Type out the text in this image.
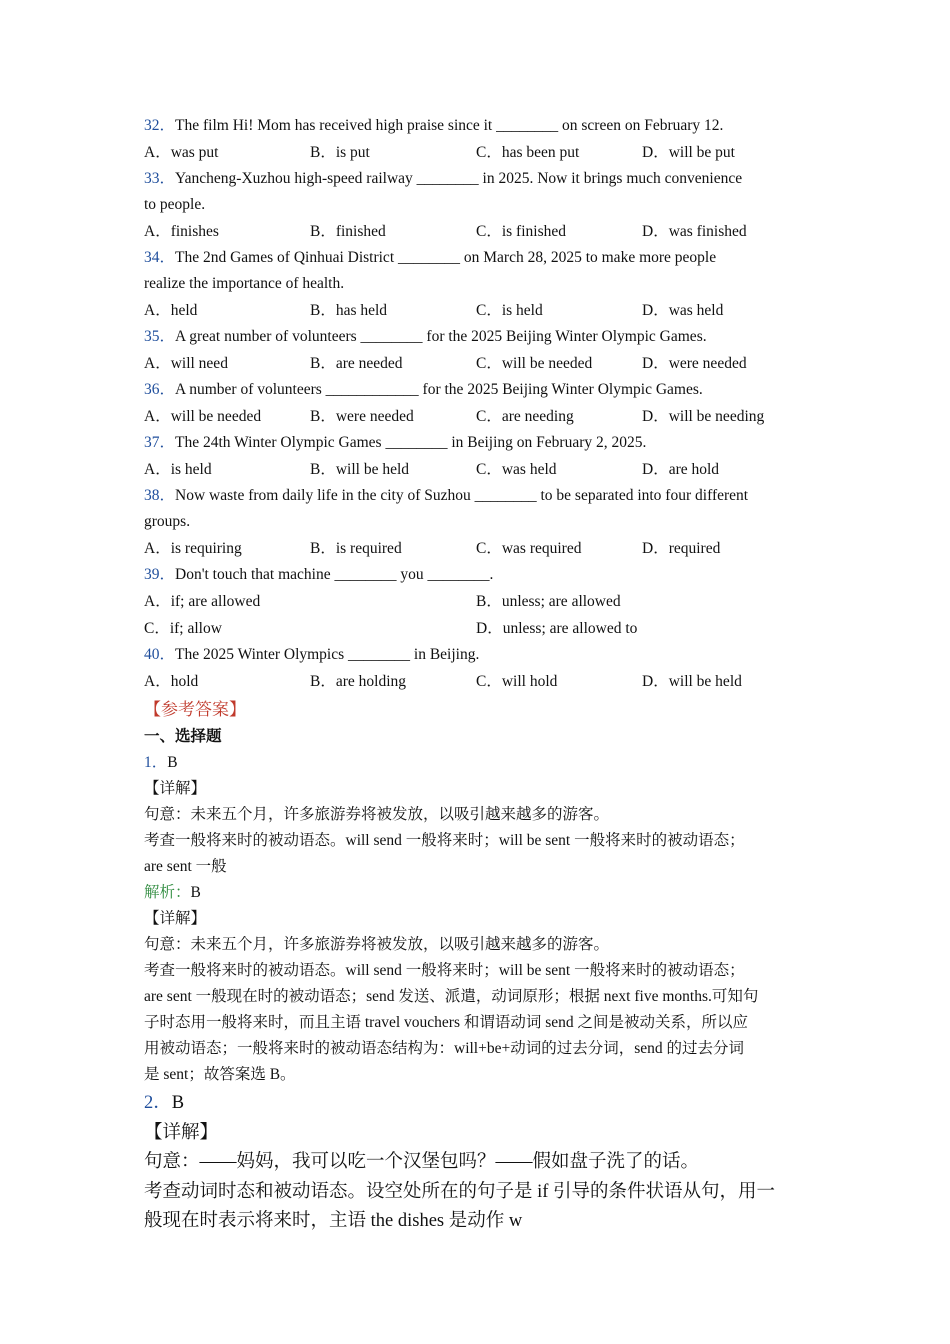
32．The film Hi! Mom has received high praise since it ________ on screen on February 12.
A．was put	B．is put	C．has been put	D．will be put
33．Yancheng-Xuzhou high-speed railway ________ in 2025. Now it brings much convenience
to people.
A．finishes	B．finished	C．is finished	D．was finished
34．The 2nd Games of Qinhuai District ________ on March 28, 2025 to make more people
realize the importance of health.
A．held	B．has held	C．is held	D．was held
35．A great number of volunteers ________ for the 2025 Beijing Winter Olympic Games.
A．will need	B．are needed	C．will be needed	D．were needed
36．A number of volunteers ____________ for the 2025 Beijing Winter Olympic Games.
A．will be needed	B．were needed	C．are needing	D．will be needing
37．The 24th Winter Olympic Games ________ in Beijing on February 2, 2025.
A．is held	B．will be held	C．was held	D．are hold
38．Now waste from daily life in the city of Suzhou ________ to be separated into four different
groups.
A．is requiring	B．is required	C．was required	D．required
39．Don't touch that machine ________ you ________.
A．if; are allowed	B．unless; are allowed
C．if; allow	D．unless; are allowed to
40．The 2025 Winter Olympics ________ in Beijing.
A．hold	B．are holding	C．will hold	D．will be held
【参考答案】
一、选择题
1．B
【详解】
句意：未来五个月，许多旅游券将被发放，以吸引越来越多的游客。
考查一般将来时的被动语态。will send 一般将来时；will be sent 一般将来时的被动语态；
are sent 一般
解析：B
【详解】
句意：未来五个月，许多旅游券将被发放，以吸引越来越多的游客。
考查一般将来时的被动语态。will send 一般将来时；will be sent 一般将来时的被动语态；
are sent 一般现在时的被动语态；send 发送、派遣，动词原形；根据 next five months.可知句
子时态用一般将来时，而且主语 travel vouchers 和谓语动词 send 之间是被动关系，所以应
用被动语态；一般将来时的被动语态结构为：will+be+动词的过去分词，send 的过去分词
是 sent；故答案选 B。
2．B
【详解】
句意：——妈妈，我可以吃一个汉堡包吗？——假如盘子洗了的话。
考查动词时态和被动语态。设空处所在的句子是 if 引导的条件状语从句，用一
般现在时表示将来时，主语 the dishes 是动作 w
